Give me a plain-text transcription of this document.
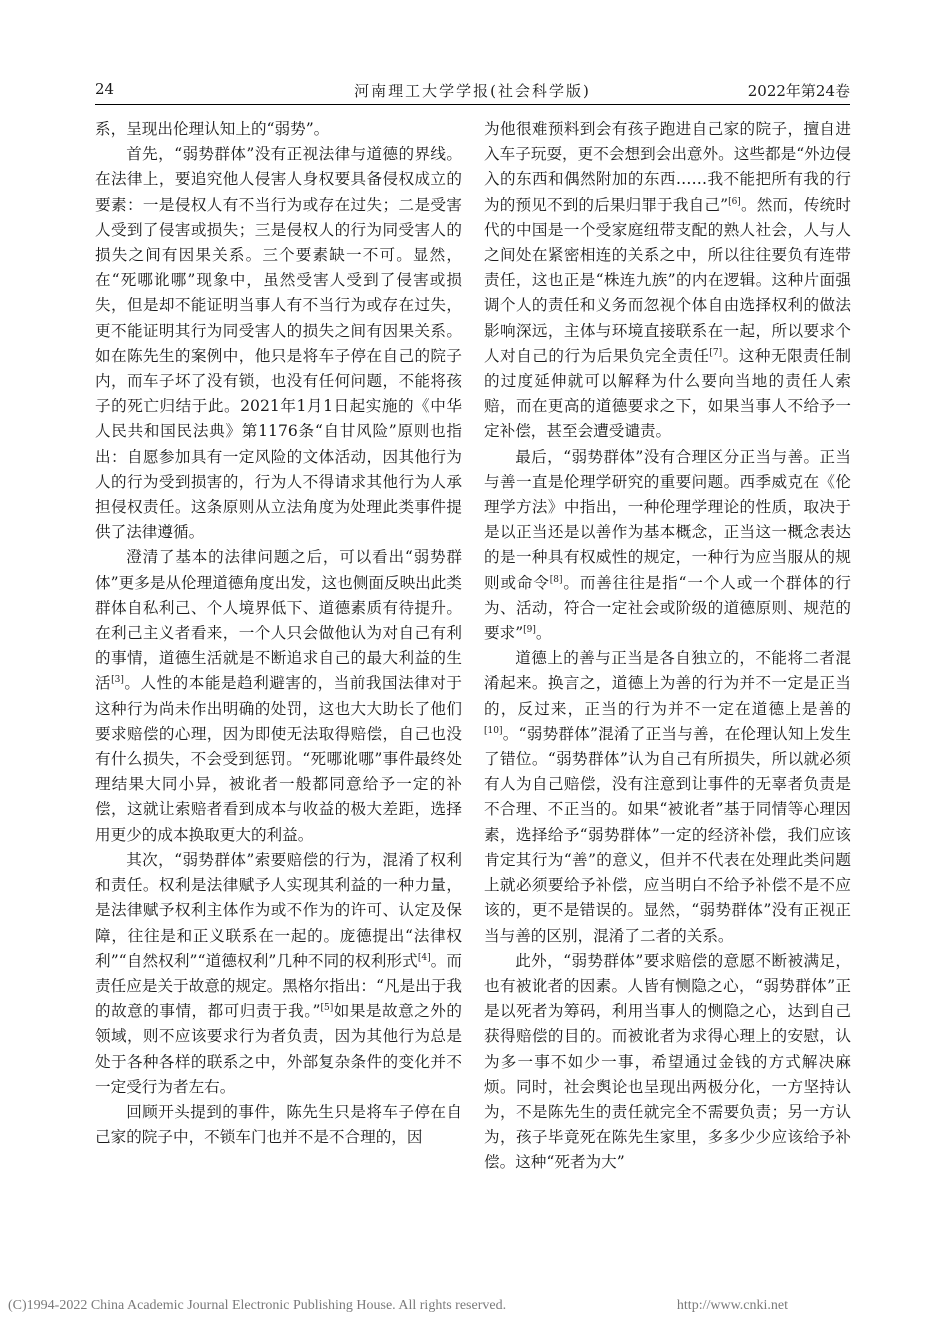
24	河南理工大学学报(社会科学版)	2022年第24卷

系，呈现出伦理认知上的“弱势”。

首先，“弱势群体”没有正视法律与道德的界线。在法律上，要追究他人侵害人身权要具备侵权成立的要素：一是侵权人有不当行为或存在过失；二是受害人受到了侵害或损失；三是侵权人的行为同受害人的损失之间有因果关系。三个要素缺一不可。显然，在“死哪讹哪”现象中，虽然受害人受到了侵害或损失，但是却不能证明当事人有不当行为或存在过失，更不能证明其行为同受害人的损失之间有因果关系。如在陈先生的案例中，他只是将车子停在自己的院子内，而车子坏了没有锁，也没有任何问题，不能将孩子的死亡归结于此。2021年1月1日起实施的《中华人民共和国民法典》第1176条“自甘风险”原则也指出：自愿参加具有一定风险的文体活动，因其他行为人的行为受到损害的，行为人不得请求其他行为人承担侵权责任。这条原则从立法角度为处理此类事件提供了法律遵循。

澄清了基本的法律问题之后，可以看出“弱势群体”更多是从伦理道德角度出发，这也侧面反映出此类群体自私利己、个人境界低下、道德素质有待提升。在利己主义者看来，一个人只会做他认为对自己有利的事情，道德生活就是不断追求自己的最大利益的生活[3]。人性的本能是趋利避害的，当前我国法律对于这种行为尚未作出明确的处罚，这也大大助长了他们要求赔偿的心理，因为即使无法取得赔偿，自己也没有什么损失，不会受到惩罚。“死哪讹哪”事件最终处理结果大同小异，被讹者一般都同意给予一定的补偿，这就让索赔者看到成本与收益的极大差距，选择用更少的成本换取更大的利益。

其次，“弱势群体”索要赔偿的行为，混淆了权利和责任。权利是法律赋予人实现其利益的一种力量，是法律赋予权利主体作为或不作为的许可、认定及保障，往往是和正义联系在一起的。庞德提出“法律权利”“自然权利”“道德权利”几种不同的权利形式[4]。而责任应是关于故意的规定。黑格尔指出：“凡是出于我的故意的事情，都可归责于我。”[5]如果是故意之外的领域，则不应该要求行为者负责，因为其他行为总是处于各种各样的联系之中，外部复杂条件的变化并不一定受行为者左右。

回顾开头提到的事件，陈先生只是将车子停在自己家的院子中，不锁车门也并不是不合理的，因

为他很难预料到会有孩子跑进自己家的院子，擅自进入车子玩耍，更不会想到会出意外。这些都是“外边侵入的东西和偶然附加的东西……我不能把所有我的行为的预见不到的后果归罪于我自己”[6]。然而，传统时代的中国是一个受家庭纽带支配的熟人社会，人与人之间处在紧密相连的关系之中，所以往往要负有连带责任，这也正是“株连九族”的内在逻辑。这种片面强调个人的责任和义务而忽视个体自由选择权利的做法影响深远，主体与环境直接联系在一起，所以要求个人对自己的行为后果负完全责任[7]。这种无限责任制的过度延伸就可以解释为什么要向当地的责任人索赔，而在更高的道德要求之下，如果当事人不给予一定补偿，甚至会遭受谴责。

最后，“弱势群体”没有合理区分正当与善。正当与善一直是伦理学研究的重要问题。西季威克在《伦理学方法》中指出，一种伦理学理论的性质，取决于是以正当还是以善作为基本概念，正当这一概念表达的是一种具有权威性的规定，一种行为应当服从的规则或命令[8]。而善往往是指“一个人或一个群体的行为、活动，符合一定社会或阶级的道德原则、规范的要求”[9]。

道德上的善与正当是各自独立的，不能将二者混淆起来。换言之，道德上为善的行为并不一定是正当的，反过来，正当的行为并不一定在道德上是善的[10]。“弱势群体”混淆了正当与善，在伦理认知上发生了错位。“弱势群体”认为自己有所损失，所以就必须有人为自己赔偿，没有注意到让事件的无辜者负责是不合理、不正当的。如果“被讹者”基于同情等心理因素，选择给予“弱势群体”一定的经济补偿，我们应该肯定其行为“善”的意义，但并不代表在处理此类问题上就必须要给予补偿，应当明白不给予补偿不是不应该的，更不是错误的。显然，“弱势群体”没有正视正当与善的区别，混淆了二者的关系。

此外，“弱势群体”要求赔偿的意愿不断被满足，也有被讹者的因素。人皆有恻隐之心，“弱势群体”正是以死者为筹码，利用当事人的恻隐之心，达到自己获得赔偿的目的。而被讹者为求得心理上的安慰，认为多一事不如少一事，希望通过金钱的方式解决麻烦。同时，社会舆论也呈现出两极分化，一方坚持认为，不是陈先生的责任就完全不需要负责；另一方认为，孩子毕竟死在陈先生家里，多多少少应该给予补偿。这种“死者为大”

(C)1994-2022 China Academic Journal Electronic Publishing House. All rights reserved.	http://www.cnki.net
